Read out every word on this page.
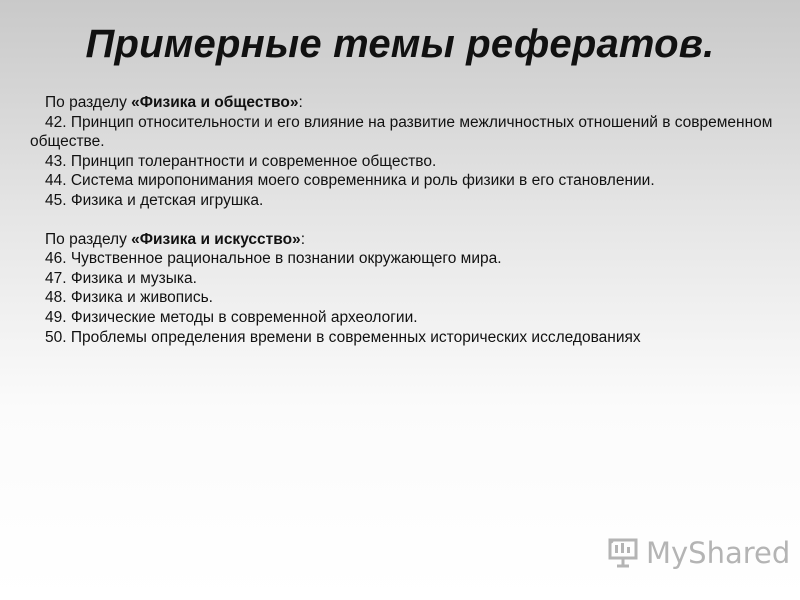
Примерные темы рефератов.

По разделу «Физика и общество»:

42. Принцип относительности и его влияние на развитие межличностных отношений в современном обществе.

43. Принцип толерантности и современное общество.

44. Система миропонимания моего современника и роль физики в его становлении.

45. Физика и детская игрушка.

По разделу «Физика и искусство»:

46. Чувственное рациональное в познании окружающего мира.

47. Физика и музыка.

48. Физика и живопись.

49. Физические методы в современной археологии.

50. Проблемы определения времени в современных исторических исследованиях

MyShared
